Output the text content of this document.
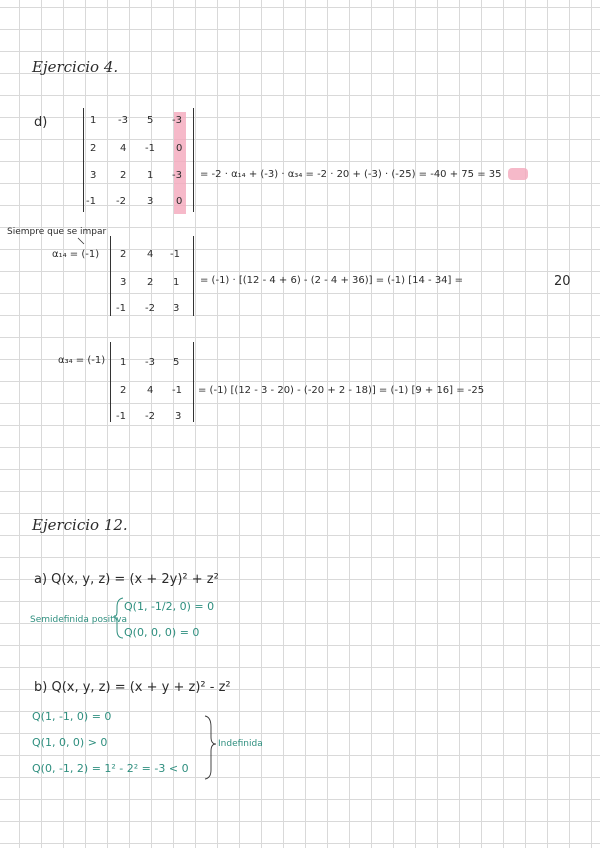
Ejercicio 4.
d)	1 -3 5 -3
2 4 -1 0
3 2 1 -3
-1 -2 3 0
= -2 · α₁₄ + (-3) · α₃₄ = -2 · 20 + (-3) · (-25) = -40 + 75 = 35
Siempre que se impar
α₁₄ = (-1) 2 4 -1
3 2 1
-1 -2 3
= (-1) · [(12 - 4 + 6) - (2 - 4 + 36)] = (-1) [14 - 34] =	20
α₃₄ = (-1) 1 -3 5
2 4 -1
-1 -2 3
= (-1) [(12 - 3 - 20) - (-20 + 2 - 18)] = (-1) [9 + 16] = -25
Ejercicio 12.
a) Q(x, y, z) = (x + 2y)² + z²
Semidefinida positiva
Q(1, -1/2, 0) = 0
Q(0, 0, 0) = 0
b) Q(x, y, z) = (x + y + z)² - z²
Q(1, -1, 0) = 0
Q(1, 0, 0) > 0
Q(0, -1, 2) = 1² - 2² = -3 < 0
Indefinida
